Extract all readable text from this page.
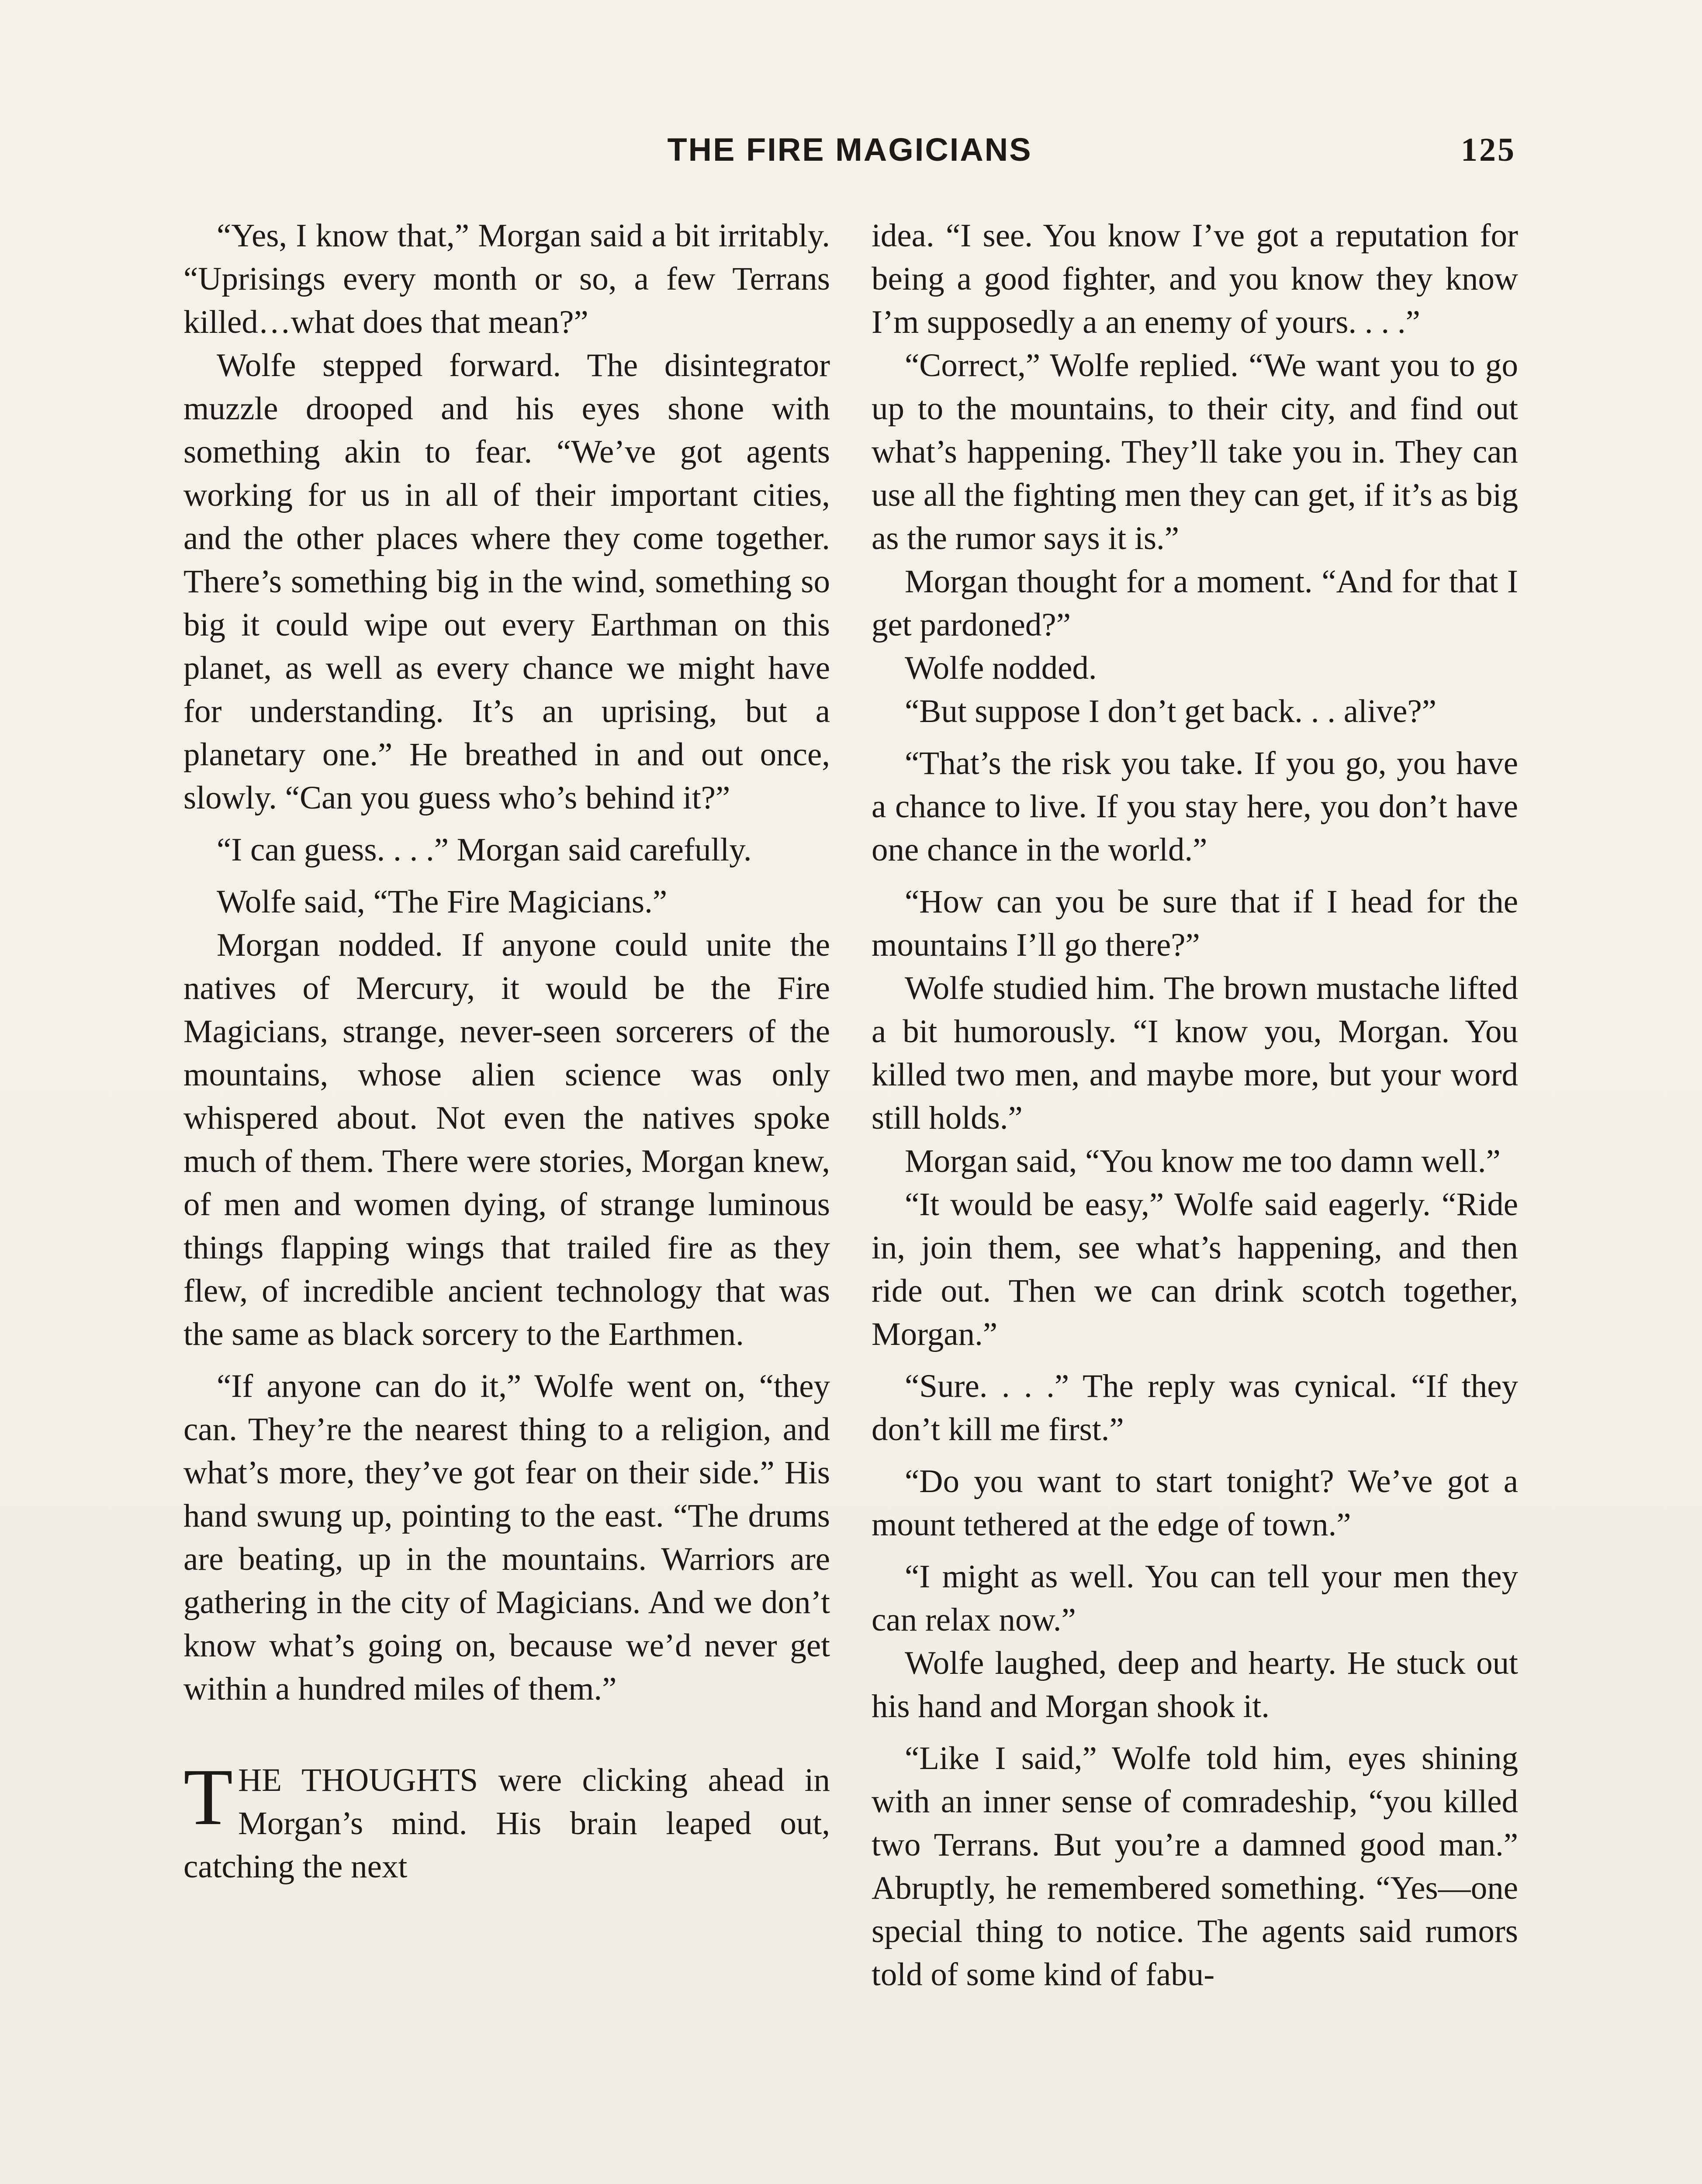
THE FIRE MAGICIANS	125

“Yes, I know that,” Morgan said a bit irritably. “Uprisings every month or so, a few Terrans killed…what does that mean?”

Wolfe stepped forward. The disintegrator muzzle drooped and his eyes shone with something akin to fear. “We’ve got agents working for us in all of their important cities, and the other places where they come together. There’s something big in the wind, something so big it could wipe out every Earthman on this planet, as well as every chance we might have for understanding. It’s an uprising, but a planetary one.” He breathed in and out once, slowly. “Can you guess who’s behind it?”

“I can guess. . . .” Morgan said carefully.

Wolfe said, “The Fire Magicians.”

Morgan nodded. If anyone could unite the natives of Mercury, it would be the Fire Magicians, strange, never-seen sorcerers of the mountains, whose alien science was only whispered about. Not even the natives spoke much of them. There were stories, Morgan knew, of men and women dying, of strange luminous things flapping wings that trailed fire as they flew, of incredible ancient technology that was the same as black sorcery to the Earthmen.

“If anyone can do it,” Wolfe went on, “they can. They’re the nearest thing to a religion, and what’s more, they’ve got fear on their side.” His hand swung up, pointing to the east. “The drums are beating, up in the mountains. Warriors are gathering in the city of Magicians. And we don’t know what’s going on, because we’d never get within a hundred miles of them.”

THE THOUGHTS were clicking ahead in Morgan’s mind. His brain leaped out, catching the next

idea. “I see. You know I’ve got a reputation for being a good fighter, and you know they know I’m supposedly a an enemy of yours. . . .”

“Correct,” Wolfe replied. “We want you to go up to the mountains, to their city, and find out what’s happening. They’ll take you in. They can use all the fighting men they can get, if it’s as big as the rumor says it is.”

Morgan thought for a moment. “And for that I get pardoned?”

Wolfe nodded.

“But suppose I don’t get back. . . alive?”

“That’s the risk you take. If you go, you have a chance to live. If you stay here, you don’t have one chance in the world.”

“How can you be sure that if I head for the mountains I’ll go there?”

Wolfe studied him. The brown mustache lifted a bit humorously. “I know you, Morgan. You killed two men, and maybe more, but your word still holds.”

Morgan said, “You know me too damn well.”

“It would be easy,” Wolfe said eagerly. “Ride in, join them, see what’s happening, and then ride out. Then we can drink scotch together, Morgan.”

“Sure. . . .” The reply was cynical. “If they don’t kill me first.”

“Do you want to start tonight? We’ve got a mount tethered at the edge of town.”

“I might as well. You can tell your men they can relax now.”

Wolfe laughed, deep and hearty. He stuck out his hand and Morgan shook it.

“Like I said,” Wolfe told him, eyes shining with an inner sense of comradeship, “you killed two Terrans. But you’re a damned good man.” Abruptly, he remembered something. “Yes—one special thing to notice. The agents said rumors told of some kind of fabu-
